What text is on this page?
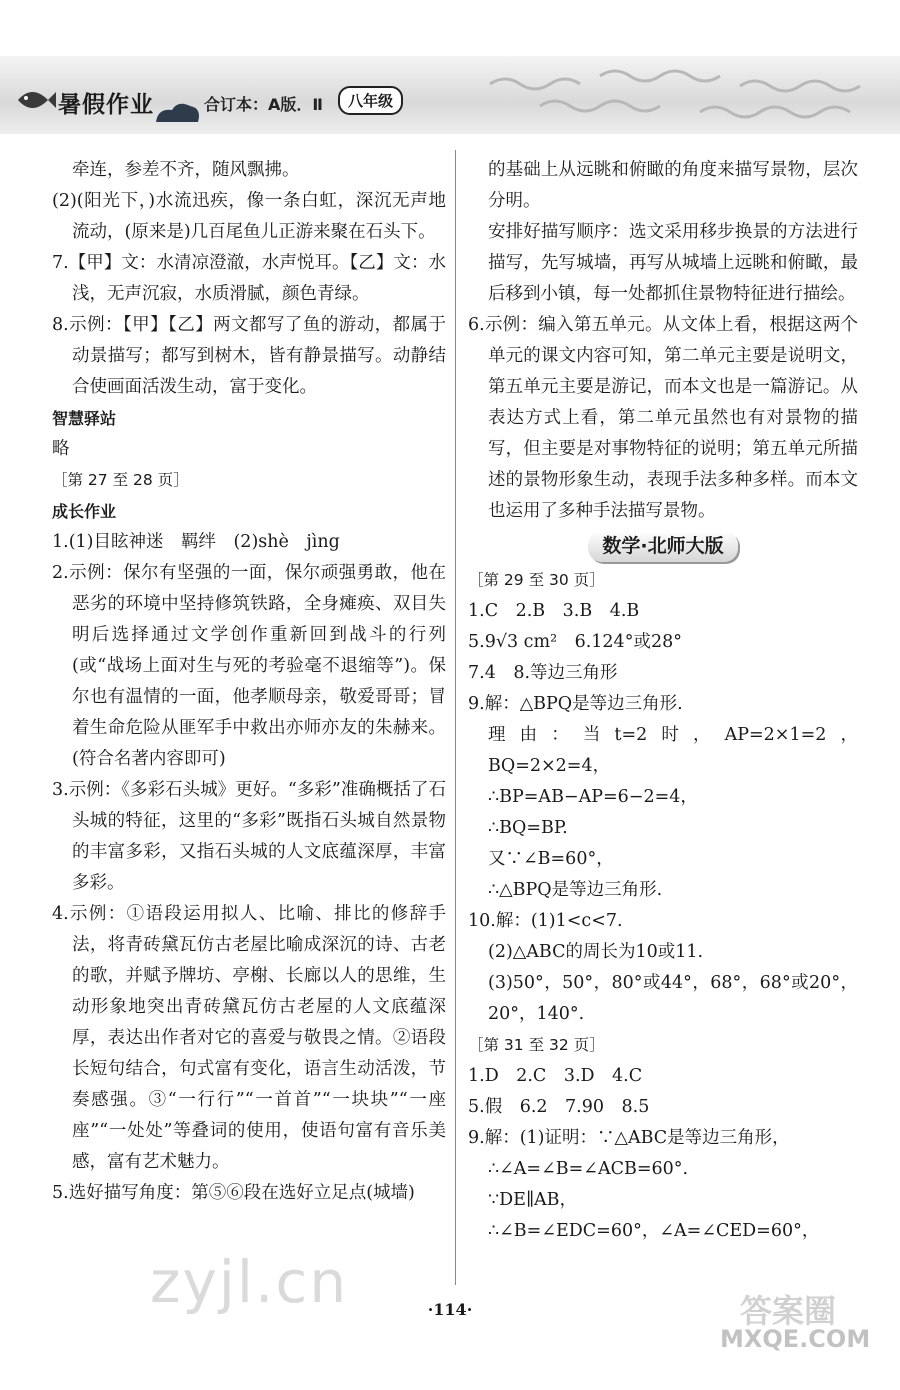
暑假作业	合订本：A版．Ⅱ	八年级
牵连，参差不齐，随风飘拂。
(2)(阳光下，)水流迅疾，像一条白虹，深沉无声地流动，(原来是)几百尾鱼儿正游来聚在石头下。
7.【甲】文：水清凉澄澈，水声悦耳。【乙】文：水浅，无声沉寂，水质滑腻，颜色青绿。
8.示例：【甲】【乙】两文都写了鱼的游动，都属于动景描写；都写到树木，皆有静景描写。动静结合使画面活泼生动，富于变化。
智慧驿站
略
［第 27 至 28 页］
成长作业
1.(1)目眩神迷　羁绊　(2)shè　jìng
2.示例：保尔有坚强的一面，保尔顽强勇敢，他在恶劣的环境中坚持修筑铁路，全身瘫痪、双目失明后选择通过文学创作重新回到战斗的行列(或“战场上面对生与死的考验毫不退缩等”)。保尔也有温情的一面，他孝顺母亲，敬爱哥哥；冒着生命危险从匪军手中救出亦师亦友的朱赫来。(符合名著内容即可)
3.示例：《多彩石头城》更好。“多彩”准确概括了石头城的特征，这里的“多彩”既指石头城自然景物的丰富多彩，又指石头城的人文底蕴深厚，丰富多彩。
4.示例：①语段运用拟人、比喻、排比的修辞手法，将青砖黛瓦仿古老屋比喻成深沉的诗、古老的歌，并赋予牌坊、亭榭、长廊以人的思维，生动形象地突出青砖黛瓦仿古老屋的人文底蕴深厚，表达出作者对它的喜爱与敬畏之情。②语段长短句结合，句式富有变化，语言生动活泼，节奏感强。③“一行行”“一首首”“一块块”“一座座”“一处处”等叠词的使用，使语句富有音乐美感，富有艺术魅力。
5.选好描写角度：第⑤⑥段在选好立足点(城墙)
的基础上从远眺和俯瞰的角度来描写景物，层次分明。
安排好描写顺序：选文采用移步换景的方法进行描写，先写城墙，再写从城墙上远眺和俯瞰，最后移到小镇，每一处都抓住景物特征进行描绘。
6.示例：编入第五单元。从文体上看，根据这两个单元的课文内容可知，第二单元主要是说明文，第五单元主要是游记，而本文也是一篇游记。从表达方式上看，第二单元虽然也有对景物的描写，但主要是对事物特征的说明；第五单元所描述的景物形象生动，表现手法多种多样。而本文也运用了多种手法描写景物。
数学·北师大版
［第 29 至 30 页］
1.C　2.B　3.B　4.B
5.9√3 cm²　6.124°或28°
7.4　8.等边三角形
9.解：△BPQ是等边三角形.
理由：当t=2时，AP=2×1=2，BQ=2×2=4，
∴BP=AB−AP=6−2=4，
∴BQ=BP.
又∵∠B=60°，
∴△BPQ是等边三角形.
10.解：(1)1<c<7.
(2)△ABC的周长为10或11.
(3)50°，50°，80°或44°，68°，68°或20°，20°，140°.
［第 31 至 32 页］
1.D　2.C　3.D　4.C
5.假　6.2　7.90　8.5
9.解：(1)证明：∵△ABC是等边三角形，
∴∠A=∠B=∠ACB=60°.
∵DE∥AB，
∴∠B=∠EDC=60°，∠A=∠CED=60°，
·114·
zyjl.cn	答案圈
MXQE.COM
